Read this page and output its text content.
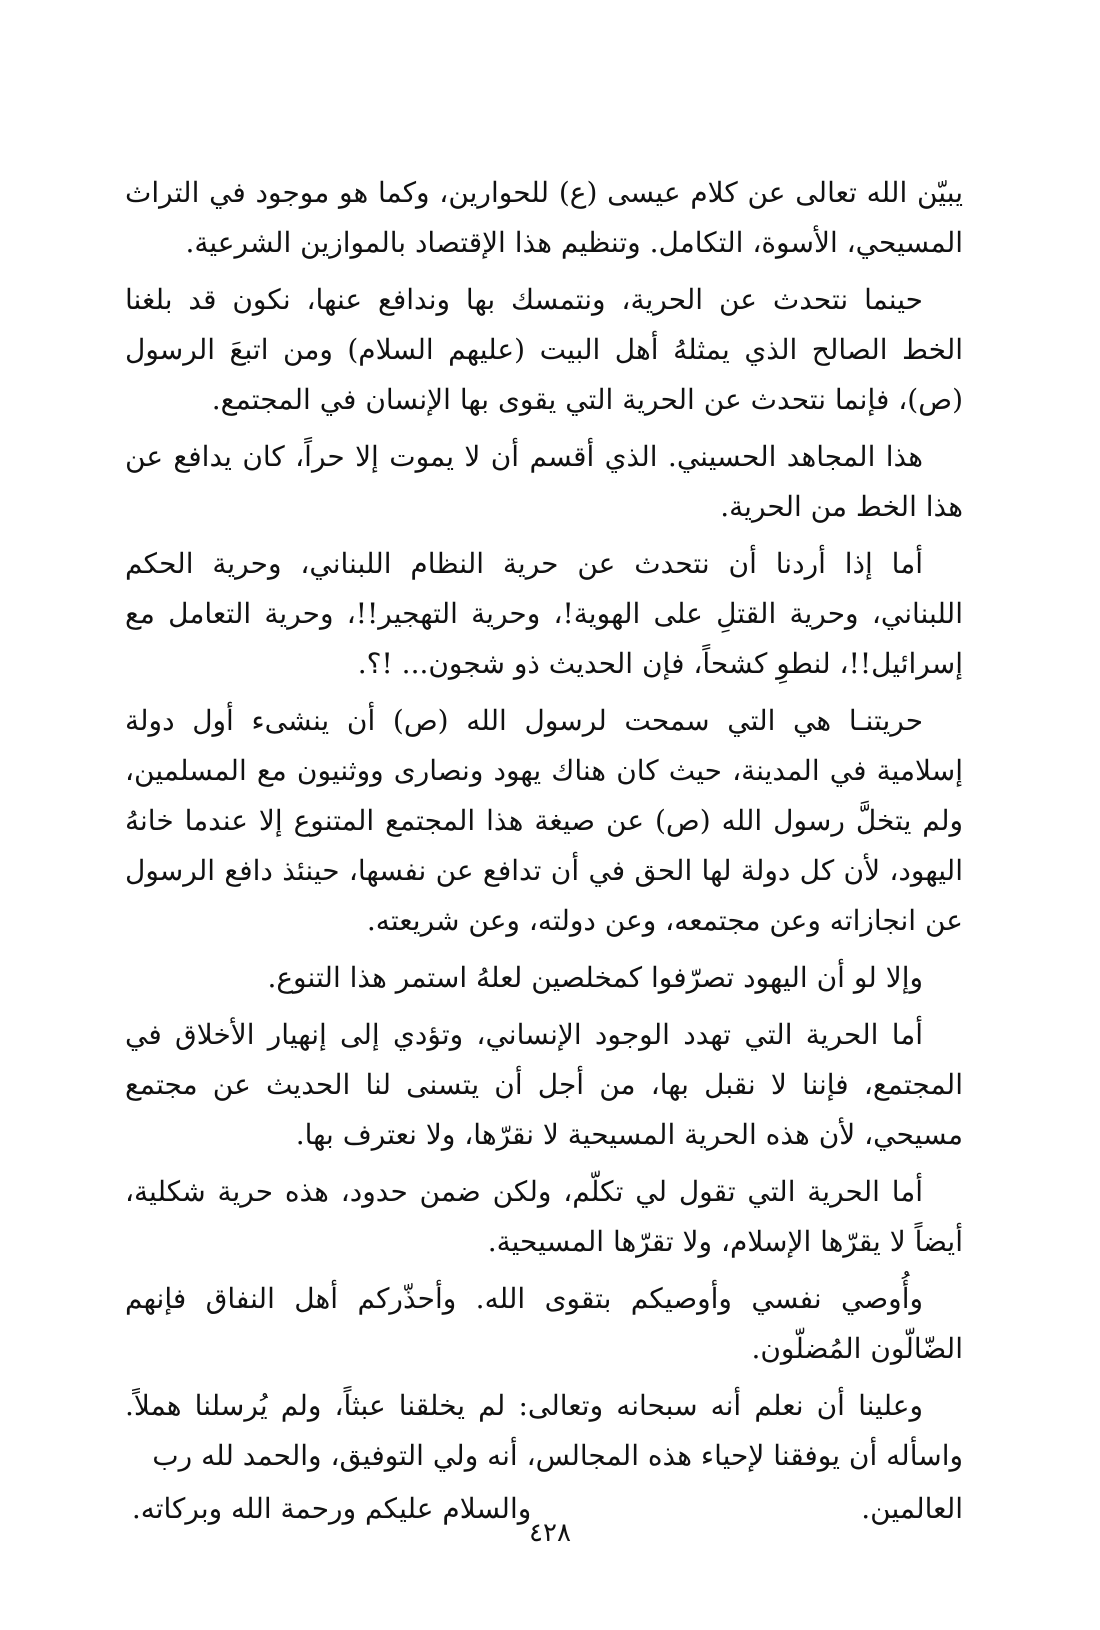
يبيّن الله تعالى عن كلام عيسى (ع) للحوارين، وكما هو موجود في التراث المسيحي، الأسوة، التكامل. وتنظيم هذا الإقتصاد بالموازين الشرعية.

حينما نتحدث عن الحرية، ونتمسك بها وندافع عنها، نكون قد بلغنا الخط الصالح الذي يمثلهُ أهل البيت (عليهم السلام) ومن اتبعَ الرسول (ص)، فإنما نتحدث عن الحرية التي يقوى بها الإنسان في المجتمع.

هذا المجاهد الحسيني. الذي أقسم أن لا يموت إلا حراً، كان يدافع عن هذا الخط من الحرية.

أما إذا أردنا أن نتحدث عن حرية النظام اللبناني، وحرية الحكم اللبناني، وحرية القتلِ على الهوية!، وحرية التهجير!!، وحرية التعامل مع إسرائيل!!، لنطوِ كشحاً، فإن الحديث ذو شجون... !؟.

حريتنـا هي التي سمحت لرسول الله (ص) أن ينشىء أول دولة إسلامية في المدينة، حيث كان هناك يهود ونصارى ووثنيون مع المسلمين، ولم يتخلَّ رسول الله (ص) عن صيغة هذا المجتمع المتنوع إلا عندما خانهُ اليهود، لأن كل دولة لها الحق في أن تدافع عن نفسها، حينئذ دافع الرسول عن انجازاته وعن مجتمعه، وعن دولته، وعن شريعته.

وإلا لو أن اليهود تصرّفوا كمخلصين لعلهُ استمر هذا التنوع.

أما الحرية التي تهدد الوجود الإنساني، وتؤدي إلى إنهيار الأخلاق في المجتمع، فإننا لا نقبل بها، من أجل أن يتسنى لنا الحديث عن مجتمع مسيحي، لأن هذه الحرية المسيحية لا نقرّها، ولا نعترف بها.

أما الحرية التي تقول لي تكلّم، ولكن ضمن حدود، هذه حرية شكلية، أيضاً لا يقرّها الإسلام، ولا تقرّها المسيحية.

وأُوصي نفسي وأوصيكم بتقوى الله. وأحذّركم أهل النفاق فإنهم الضّالّون المُضلّون.

وعلينا أن نعلم أنه سبحانه وتعالى: لم يخلقنا عبثاً، ولم يُرسلنا هملاً. واسأله أن يوفقنا لإحياء هذه المجالس، أنه ولي التوفيق، والحمد لله رب

العالمين.
والسلام عليكم ورحمة الله وبركاته.
٤٢٨
